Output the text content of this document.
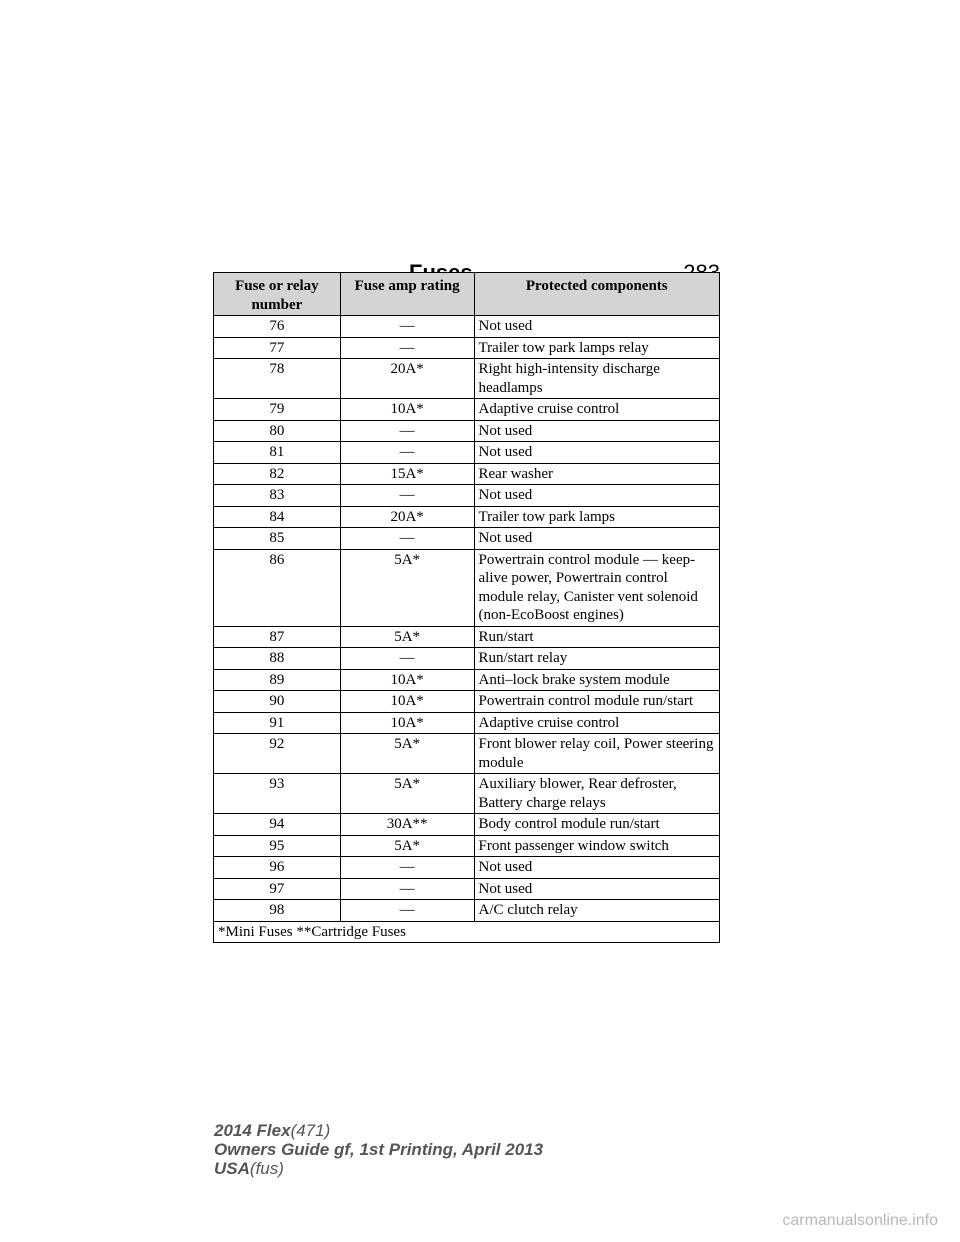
Fuse or relay number	Fuse amp rating	Protected components
76	—	Not used
77	—	Trailer tow park lamps relay
78	20A*	Right high-intensity discharge headlamps
79	10A*	Adaptive cruise control
80	—	Not used
81	—	Not used
82	15A*	Rear washer
83	—	Not used
84	20A*	Trailer tow park lamps
85	—	Not used
86	5A*	Powertrain control module — keep-alive power, Powertrain control module relay, Canister vent solenoid (non-EcoBoost engines)
87	5A*	Run/start
88	—	Run/start relay
89	10A*	Anti–lock brake system module
90	10A*	Powertrain control module run/start
91	10A*	Adaptive cruise control
92	5A*	Front blower relay coil, Power steering module
93	5A*	Auxiliary blower, Rear defroster, Battery charge relays
94	30A**	Body control module run/start
95	5A*	Front passenger window switch
96	—	Not used
97	—	Not used
98	—	A/C clutch relay
*Mini Fuses **Cartridge Fuses		
2014 Flex(471)
Owners Guide gf, 1st Printing, April 2013
USA(fus)
carmanualsonline.info
